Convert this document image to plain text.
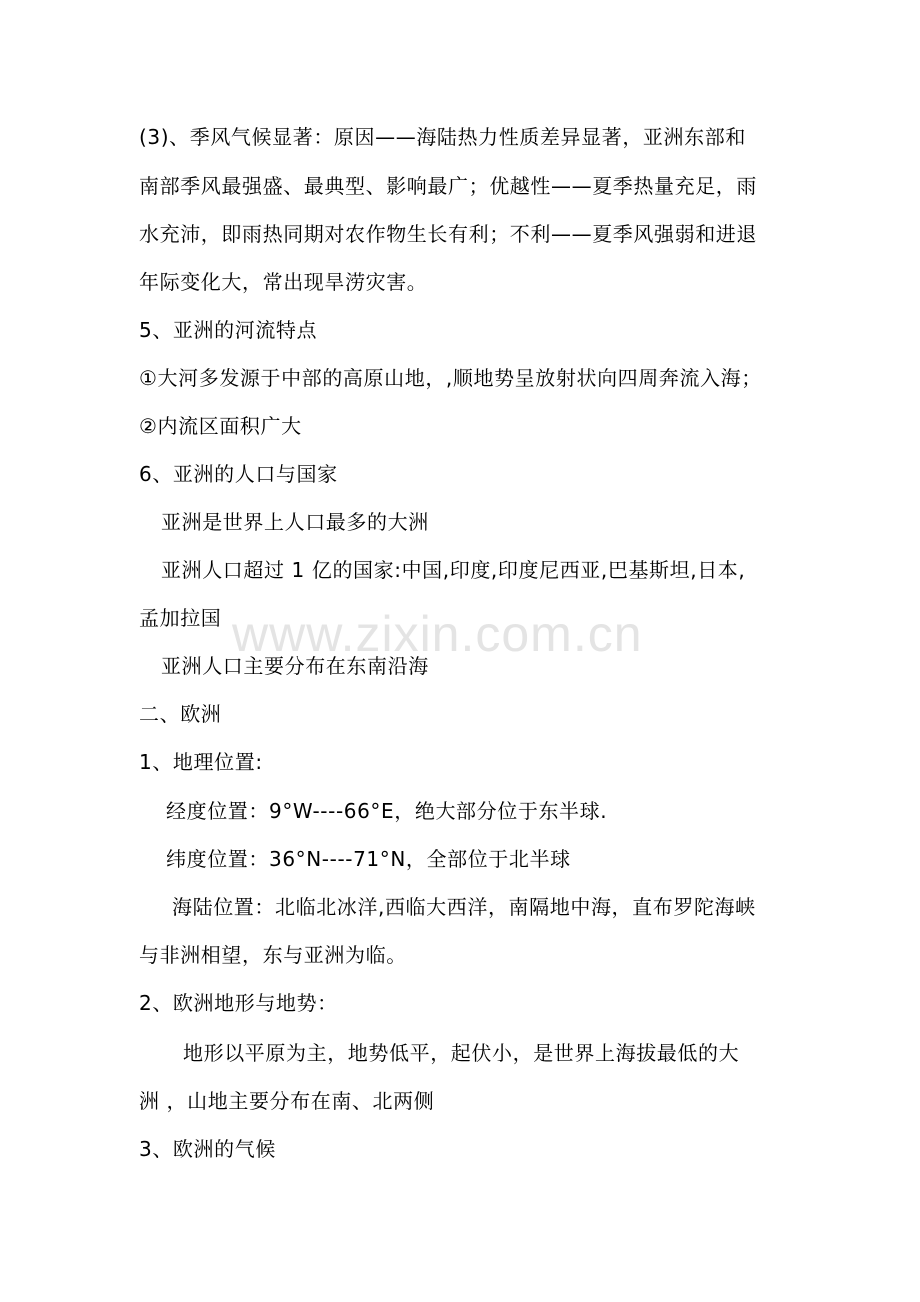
(3)、季风气候显著：原因——海陆热力性质差异显著，亚洲东部和
南部季风最强盛、最典型、影响最广；优越性——夏季热量充足，雨
水充沛，即雨热同期对农作物生长有利；不利——夏季风强弱和进退
年际变化大，常出现旱涝灾害。
5、亚洲的河流特点
①大河多发源于中部的高原山地，,顺地势呈放射状向四周奔流入海；
②内流区面积广大
6、亚洲的人口与国家
亚洲是世界上人口最多的大洲
亚洲人口超过 1 亿的国家:中国,印度,印度尼西亚,巴基斯坦,日本,
孟加拉国
亚洲人口主要分布在东南沿海
二、欧洲
1、地理位置:
经度位置：9°W----66°E，绝大部分位于东半球.
纬度位置：36°N----71°N，全部位于北半球
海陆位置：北临北冰洋,西临大西洋，南隔地中海，直布罗陀海峡
与非洲相望，东与亚洲为临。
2、欧洲地形与地势：
地形以平原为主，地势低平，起伏小，是世界上海拔最低的大
洲 ，山地主要分布在南、北两侧
3、欧洲的气候
www.zixin.com.cn
